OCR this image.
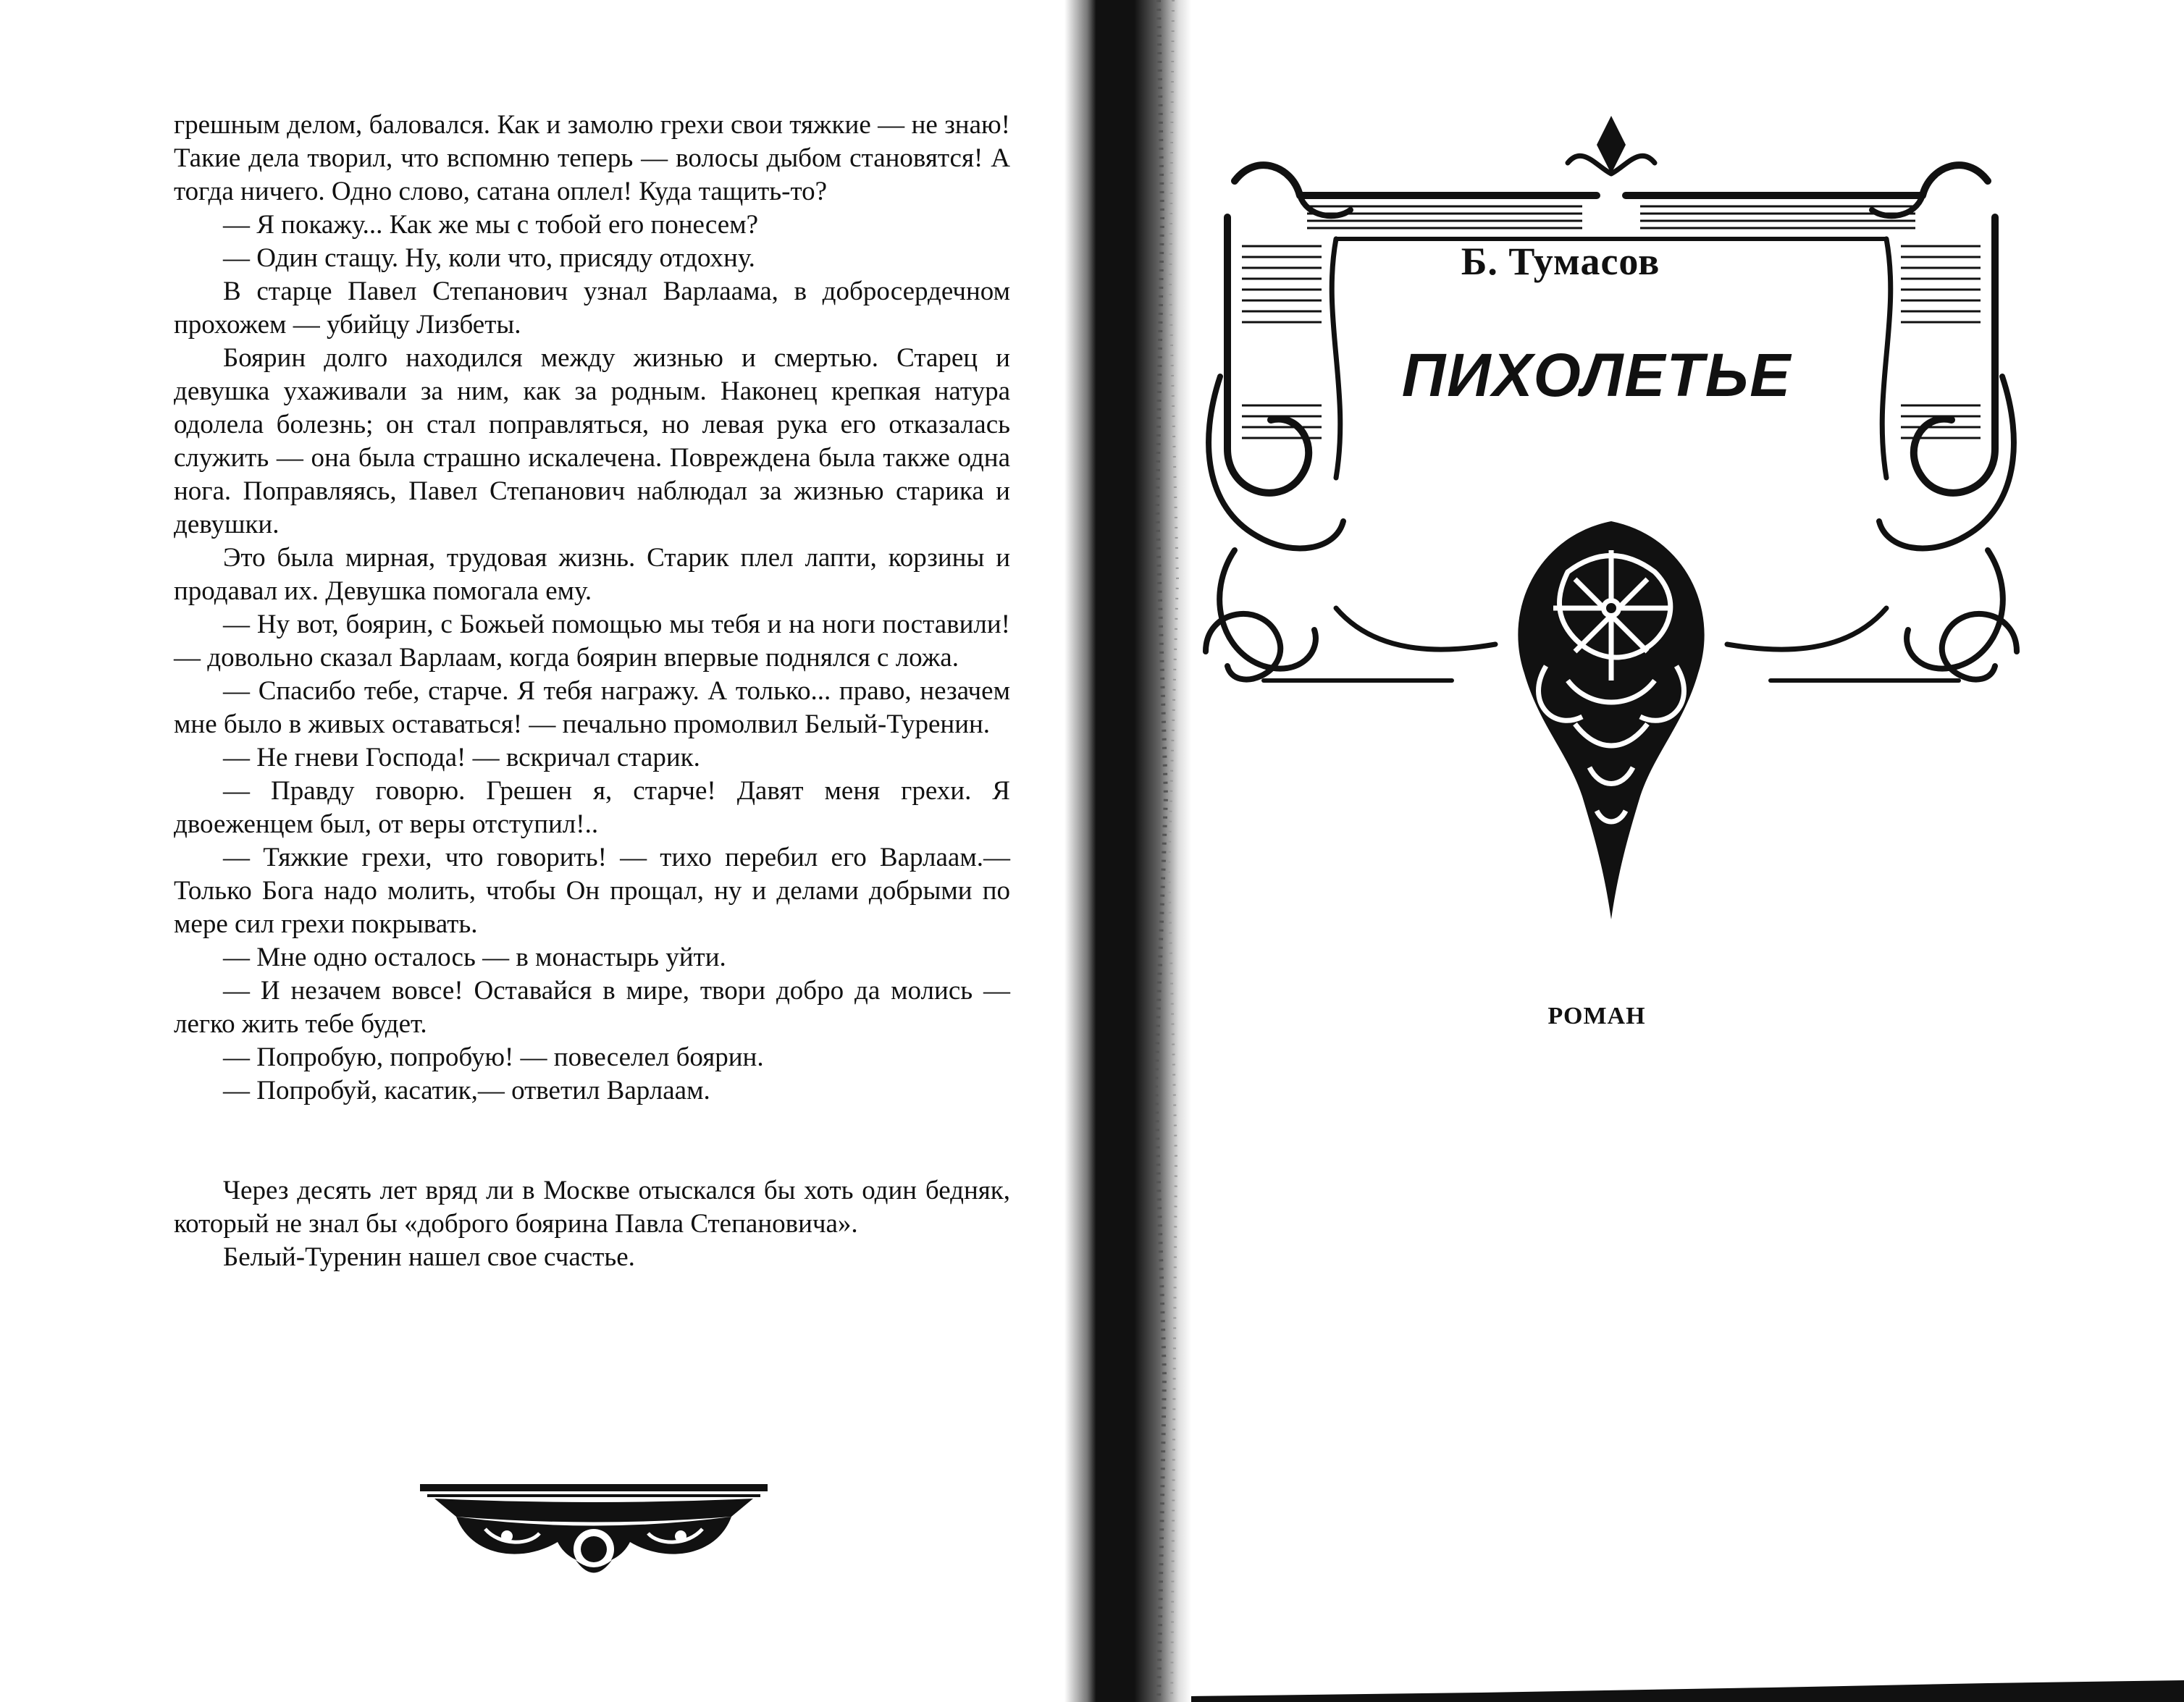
грешным делом, баловался. Как и замолю грехи свои тяжкие — не знаю! Такие дела творил, что вспомню теперь — волосы дыбом становятся! А тогда ничего. Одно слово, сатана оплел! Куда тащить-то?

— Я покажу... Как же мы с тобой его понесем?

— Один стащу. Ну, коли что, присяду отдохну.

В старце Павел Степанович узнал Варлаама, в добросердечном прохожем — убийцу Лизбеты.

Боярин долго находился между жизнью и смертью. Старец и девушка ухаживали за ним, как за родным. Наконец крепкая натура одолела болезнь; он стал поправляться, но левая рука его отказалась служить — она была страшно искалечена. Повреждена была также одна нога. Поправляясь, Павел Степанович наблюдал за жизнью старика и девушки.

Это была мирная, трудовая жизнь. Старик плел лапти, корзины и продавал их. Девушка помогала ему.

— Ну вот, боярин, с Божьей помощью мы тебя и на ноги поставили! — довольно сказал Варлаам, когда боярин впервые поднялся с ложа.

— Спасибо тебе, старче. Я тебя награжу. А только... право, незачем мне было в живых оставаться! — печально промолвил Белый-Туренин.

— Не гневи Господа! — вскричал старик.

— Правду говорю. Грешен я, старче! Давят меня грехи. Я двоеженцем был, от веры отступил!..

— Тяжкие грехи, что говорить! — тихо перебил его Варлаам.— Только Бога надо молить, чтобы Он прощал, ну и делами добрыми по мере сил грехи покрывать.

— Мне одно осталось — в монастырь уйти.

— И незачем вовсе! Оставайся в мире, твори добро да молись — легко жить тебе будет.

— Попробую, попробую! — повеселел боярин.

— Попробуй, касатик,— ответил Варлаам.

Через десять лет вряд ли в Москве отыскался бы хоть один бедняк, который не знал бы «доброго боярина Павла Степановича».

Белый-Туренин нашел свое счастье.

Б. Тумасов
ПИХОЛЕТЬЕ
РОМАН
